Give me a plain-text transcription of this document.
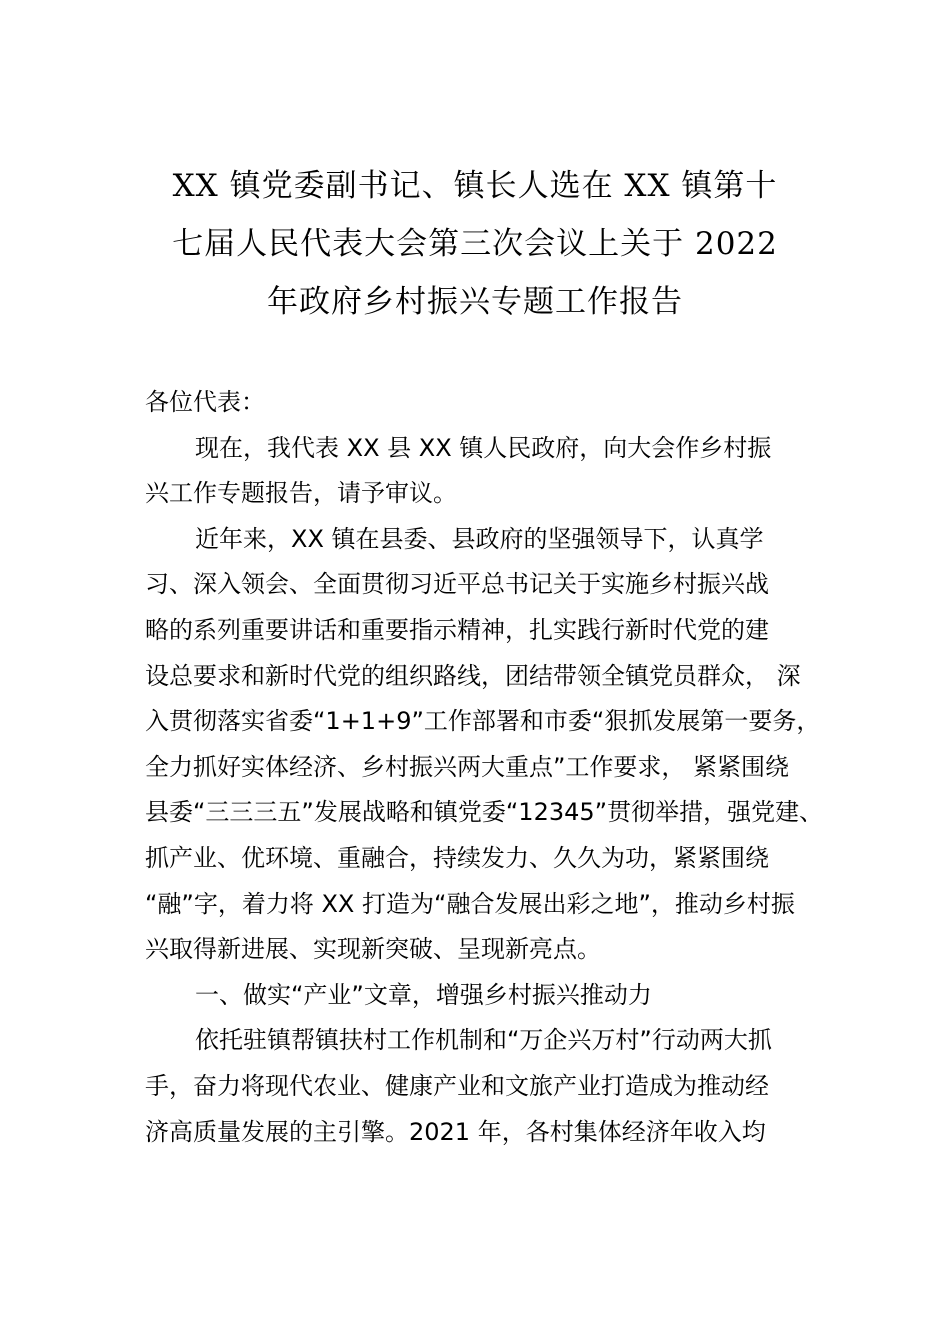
XX 镇党委副书记、镇长人选在 XX 镇第十
七届人民代表大会第三次会议上关于 2022
年政府乡村振兴专题工作报告
各位代表：
现在，我代表 XX 县 XX 镇人民政府，向大会作乡村振
兴工作专题报告，请予审议。
近年来，XX 镇在县委、县政府的坚强领导下，认真学
习、深入领会、全面贯彻习近平总书记关于实施乡村振兴战
略的系列重要讲话和重要指示精神，扎实践行新时代党的建
设总要求和新时代党的组织路线，团结带领全镇党员群众， 深
入贯彻落实省委“1+1+9”工作部署和市委“狠抓发展第一要务，
全力抓好实体经济、乡村振兴两大重点”工作要求， 紧紧围绕
县委“三三三五”发展战略和镇党委“12345”贯彻举措，强党建、
抓产业、优环境、重融合，持续发力、久久为功，紧紧围绕
“融”字，着力将 XX 打造为“融合发展出彩之地”，推动乡村振
兴取得新进展、实现新突破、呈现新亮点。
一、做实“产业”文章，增强乡村振兴推动力
依托驻镇帮镇扶村工作机制和“万企兴万村”行动两大抓
手，奋力将现代农业、健康产业和文旅产业打造成为推动经
济高质量发展的主引擎。2021 年，各村集体经济年收入均
